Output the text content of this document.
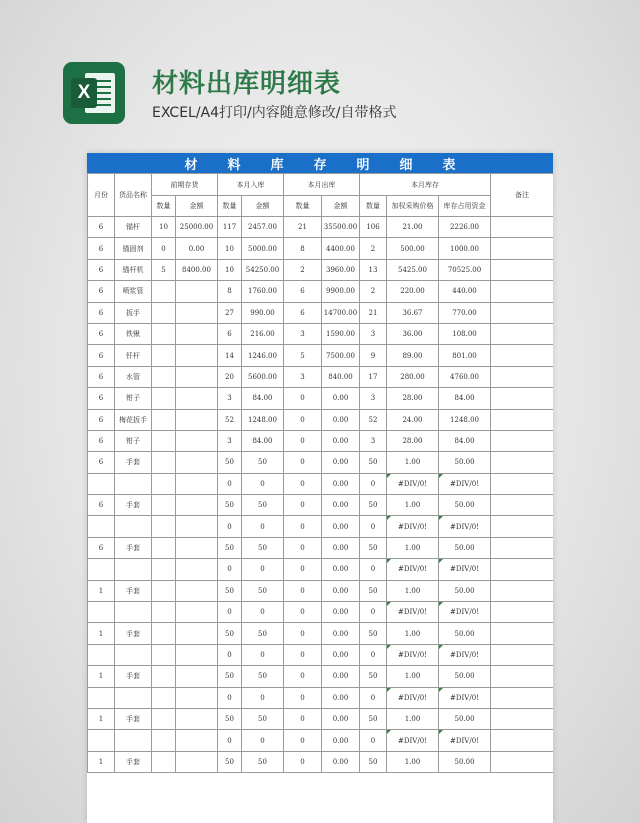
X 材料出库明细表
EXCEL/A4打印/内容随意修改/自带格式
材 料 库 存 明 细 表
月份	货品名称	前期存货		本月入库		本月出库		本月库存			备注
		数量	金额	数量	金额	数量	金额	数量	加权采购价格	库存占用资金	
6	锚杆	10	25000.00	117	2457.00	21	35500.00	106	21.00	2226.00	
6	锚固剂	0	0.00	10	5000.00	8	4400.00	2	500.00	1000.00	
6	锚杆机	5	8400.00	10	54250.00	2	3960.00	13	5425.00	70525.00	
6	喷浆管			8	1760.00	6	9900.00	2	220.00	440.00	
6	扳手			27	990.00	6	14700.00	21	36.67	770.00	
6	铁锹			6	216.00	3	1590.00	3	36.00	108.00	
6	钎杆			14	1246.00	5	7500.00	9	89.00	801.00	
6	水管			20	5600.00	3	840.00	17	280.00	4760.00	
6	钳子			3	84.00	0	0.00	3	28.00	84.00	
6	梅花扳手			52	1248.00	0	0.00	52	24.00	1248.00	
6	钳子			3	84.00	0	0.00	3	28.00	84.00	
6	手套			50	50	0	0.00	50	1.00	50.00	
				0	0	0	0.00	0	#DIV/0!	#DIV/0!	
6	手套			50	50	0	0.00	50	1.00	50.00	
				0	0	0	0.00	0	#DIV/0!	#DIV/0!	
6	手套			50	50	0	0.00	50	1.00	50.00	
				0	0	0	0.00	0	#DIV/0!	#DIV/0!	
1	手套			50	50	0	0.00	50	1.00	50.00	
				0	0	0	0.00	0	#DIV/0!	#DIV/0!	
1	手套			50	50	0	0.00	50	1.00	50.00	
				0	0	0	0.00	0	#DIV/0!	#DIV/0!	
1	手套			50	50	0	0.00	50	1.00	50.00	
				0	0	0	0.00	0	#DIV/0!	#DIV/0!	
1	手套			50	50	0	0.00	50	1.00	50.00	
				0	0	0	0.00	0	#DIV/0!	#DIV/0!	
1	手套			50	50	0	0.00	50	1.00	50.00	
